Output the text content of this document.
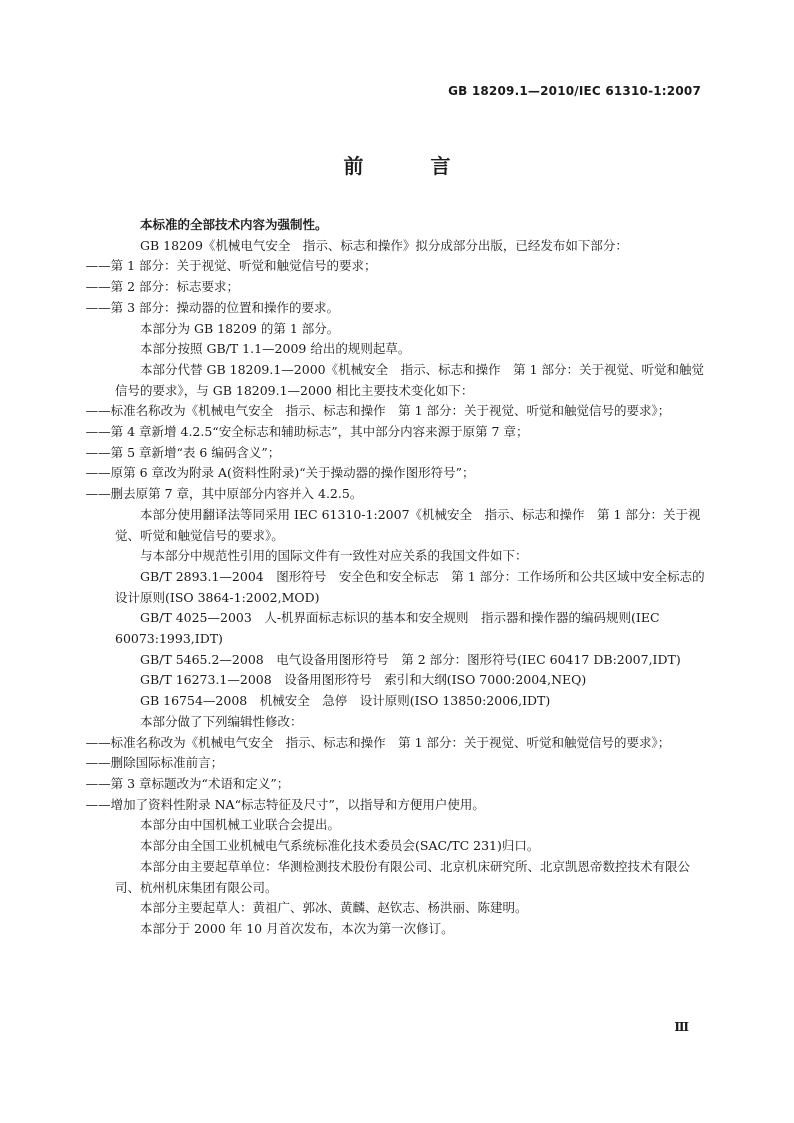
GB 18209.1—2010/IEC 61310-1:2007
前 言

本标准的全部技术内容为强制性。

GB 18209《机械电气安全　指示、标志和操作》拟分成部分出版，已经发布如下部分：

—— 第 1 部分：关于视觉、听觉和触觉信号的要求；

—— 第 2 部分：标志要求；

—— 第 3 部分：操动器的位置和操作的要求。

本部分为 GB 18209 的第 1 部分。

本部分按照 GB/T 1.1—2009 给出的规则起草。

本部分代替 GB 18209.1—2000《机械安全　指示、标志和操作　第 1 部分：关于视觉、听觉和触觉信号的要求》，与 GB 18209.1—2000 相比主要技术变化如下：

—— 标准名称改为《机械电气安全　指示、标志和操作　第 1 部分：关于视觉、听觉和触觉信号的要求》；

—— 第 4 章新增 4.2.5“安全标志和辅助标志”，其中部分内容来源于原第 7 章；

—— 第 5 章新增“表 6 编码含义”；

—— 原第 6 章改为附录 A(资料性附录)“关于操动器的操作图形符号”；

—— 删去原第 7 章，其中原部分内容并入 4.2.5。

本部分使用翻译法等同采用 IEC 61310-1:2007《机械安全　指示、标志和操作　第 1 部分：关于视觉、听觉和触觉信号的要求》。

与本部分中规范性引用的国际文件有一致性对应关系的我国文件如下：

GB/T 2893.1—2004　图形符号　安全色和安全标志　第 1 部分：工作场所和公共区域中安全标志的设计原则(ISO 3864-1:2002,MOD)

GB/T 4025—2003　人-机界面标志标识的基本和安全规则　指示器和操作器的编码规则(IEC 60073:1993,IDT)

GB/T 5465.2—2008　电气设备用图形符号　第 2 部分：图形符号(IEC 60417 DB:2007,IDT)

GB/T 16273.1—2008　设备用图形符号　索引和大纲(ISO 7000:2004,NEQ)

GB 16754—2008　机械安全　急停　设计原则(ISO 13850:2006,IDT)

本部分做了下列编辑性修改：

—— 标准名称改为《机械电气安全　指示、标志和操作　第 1 部分：关于视觉、听觉和触觉信号的要求》；

—— 删除国际标准前言；

—— 第 3 章标题改为“术语和定义”；

—— 增加了资料性附录 NA“标志特征及尺寸”，以指导和方便用户使用。

本部分由中国机械工业联合会提出。

本部分由全国工业机械电气系统标准化技术委员会(SAC/TC 231)归口。

本部分由主要起草单位：华测检测技术股份有限公司、北京机床研究所、北京凯恩帝数控技术有限公司、杭州机床集团有限公司。

本部分主要起草人：黄祖广、郭冰、黄麟、赵钦志、杨洪丽、陈建明。

本部分于 2000 年 10 月首次发布，本次为第一次修订。

Ⅲ
